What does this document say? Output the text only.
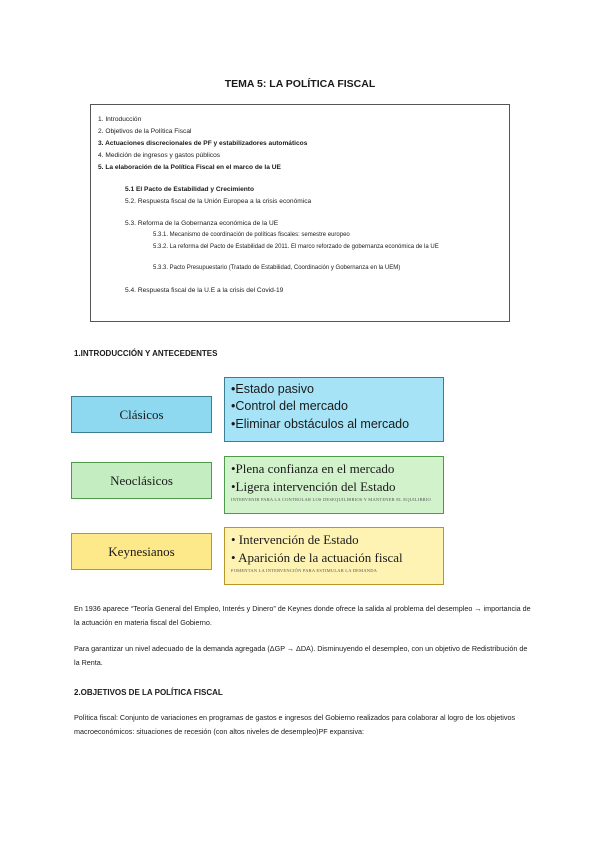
TEMA 5: LA POLÍTICA FISCAL
1. Introducción
2. Objetivos de la Política Fiscal
3. Actuaciones discrecionales de PF y estabilizadores automáticos
4. Medición de ingresos y gastos públicos
5. La elaboración de la Política Fiscal en el marco de la UE
5.1 El Pacto de Estabilidad y Crecimiento
5.2. Respuesta fiscal de la Unión Europea a la crisis económica
5.3. Reforma de la Gobernanza económica de la UE
5.3.1. Mecanismo de coordinación de políticas fiscales: semestre europeo
5.3.2. La reforma del Pacto de Estabilidad de 2011. El marco reforzado de gobernanza económica de la UE
5.3.3. Pacto Presupuestario (Tratado de Estabilidad, Coordinación y Gobernanza en la UEM)
5.4. Respuesta fiscal de la U.E a la crisis del Covid-19
1.INTRODUCCIÓN Y ANTECEDENTES
Clásicos
•Estado pasivo
•Control del mercado
•Eliminar obstáculos al mercado
Neoclásicos
•Plena confianza en el mercado
•Ligera intervención del Estado
INTERVENIR PARA LA CONTROLAR LOS DESEQUILIBRIOS Y MANTENER EL EQUILIBRIO
Keynesianos
• Intervención de Estado
• Aparición de la actuación fiscal
FOMENTAN LA INTERVENCIÓN PARA ESTIMULAR LA DEMANDA

En 1936 aparece “Teoría General del Empleo, Interés y Dinero” de Keynes donde ofrece la salida al problema del desempleo → importancia de la actuación en materia fiscal del Gobierno.

Para garantizar un nivel adecuado de la demanda agregada (ΔGP → ΔDA). Disminuyendo el desempleo, con un objetivo de Redistribución de la Renta.

2.OBJETIVOS DE LA POLÍTICA FISCAL

Política fiscal: Conjunto de variaciones en programas de gastos e ingresos del Gobierno realizados para colaborar al logro de los objetivos macroeconómicos: situaciones de recesión (con altos niveles de desempleo)PF expansiva:
